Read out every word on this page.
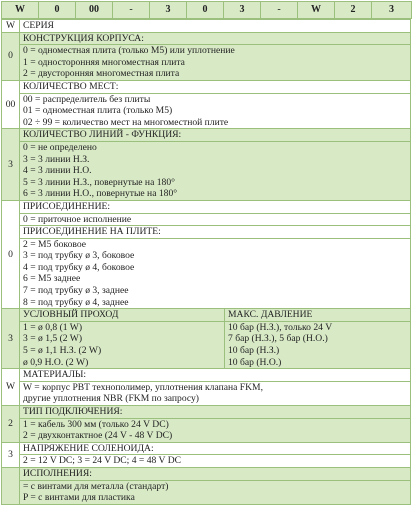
W	0	00	-	3	0	3	-	W	2	3
W	СЕРИЯ

0	
КОНСТРУКЦИЯ КОРПУСА:
0 = одноместная плита (только М5) или уплотнение
1 = односторонняя многоместная плита
2 = двусторонняя многоместная плита

00	
КОЛИЧЕСТВО МЕСТ:
00 = распределитель без плиты
01 = одноместная плита (только М5)
02 ÷ 99 = количество мест на многоместной плите

3	
КОЛИЧЕСТВО ЛИНИЙ - ФУНКЦИЯ:
0 = не определено
3 = 3 линии Н.З.
4 = 3 линии Н.О.
5 = 3 линии Н.З., повернутые на 180°
6 = 3 линии Н.О., повернутые на 180°

0	
ПРИСОЕДИНЕНИЕ:
0 = приточное исполнение
ПРИСОЕДИНЕНИЕ НА ПЛИТЕ:
2 = М5 боковое
3 = под трубку ø 3, боковое
4 = под трубку ø 4, боковое
6 = М5 заднее
7 = под трубку ø 3, заднее
8 = под трубку ø 4, заднее

3	
УСЛОВНЫЙ ПРОХОД
1 = ø 0,8 (1 W)
3 = ø 1,5 (2 W)
5 = ø 1,1 Н.З. (2 W)
ø 0,9 Н.О. (2 W)

МАКС. ДАВЛЕНИЕ
10 бар (Н.З.), только 24 V
7 бар (Н.З.), 5 бар (Н.О.)
10 бар (Н.З.)
10 бар (Н.О.)

W	
МАТЕРИАЛЫ:
W = корпус PBT технополимер, уплотнения клапана FKM,
другие уплотнения NBR (FKM по запросу)

2	
ТИП ПОДКЛЮЧЕНИЯ:
1 = кабель 300 мм (только 24 V DC)
2 = двухконтактное (24 V - 48 V DC)

3	
НАПРЯЖЕНИЕ СОЛЕНОИДА:
2 = 12 V DC; 3 = 24 V DC; 4 = 48 V DC

ИСПОЛНЕНИЯ:
= с винтами для металла (стандарт)
P = с винтами для пластика
